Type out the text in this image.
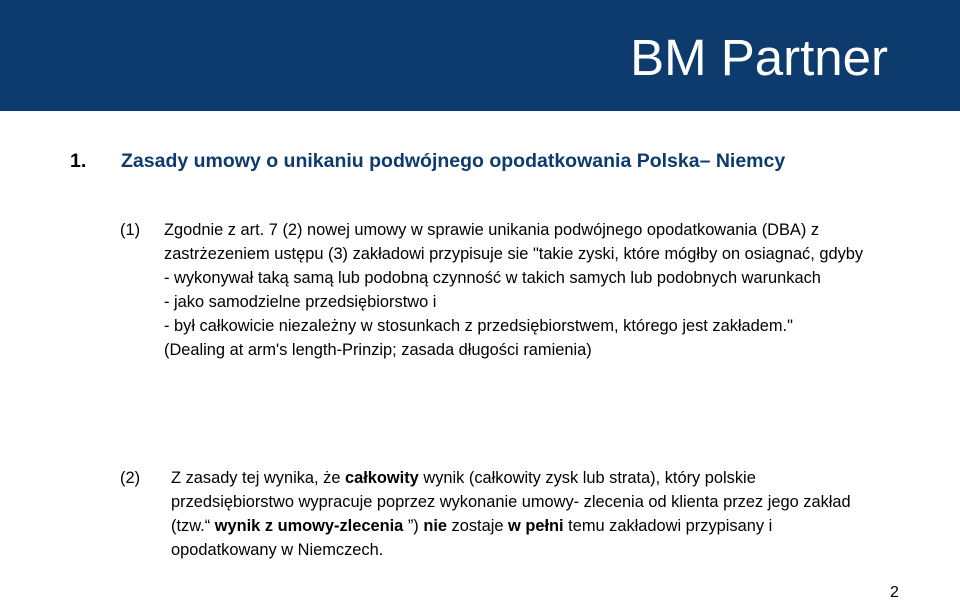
BM Partner
1. Zasady umowy o unikaniu podwójnego opodatkowania Polska– Niemcy
(1) Zgodnie z art. 7 (2) nowej umowy w sprawie unikania podwójnego opodatkowania (DBA) z zastrżezeniem ustępu (3) zakładowi przypisuje sie "takie zyski, które mógłby on osiagnać, gdyby
- wykonywał taką samą lub podobną czynność w takich samych lub podobnych warunkach
- jako samodzielne przedsiębiorstwo i
- był całkowicie niezależny w stosunkach z przedsiębiorstwem, którego jest zakładem."
(Dealing at arm's length-Prinzip; zasada długości ramienia)
(2) Z zasady tej wynika, że całkowity wynik (całkowity zysk lub strata), który polskie przedsiębiorstwo wypracuje poprzez wykonanie umowy- zlecenia od klienta przez jego zakład (tzw.“ wynik z umowy-zlecenia ”) nie zostaje w pełni temu zakładowi przypisany i opodatkowany w Niemczech.
2
